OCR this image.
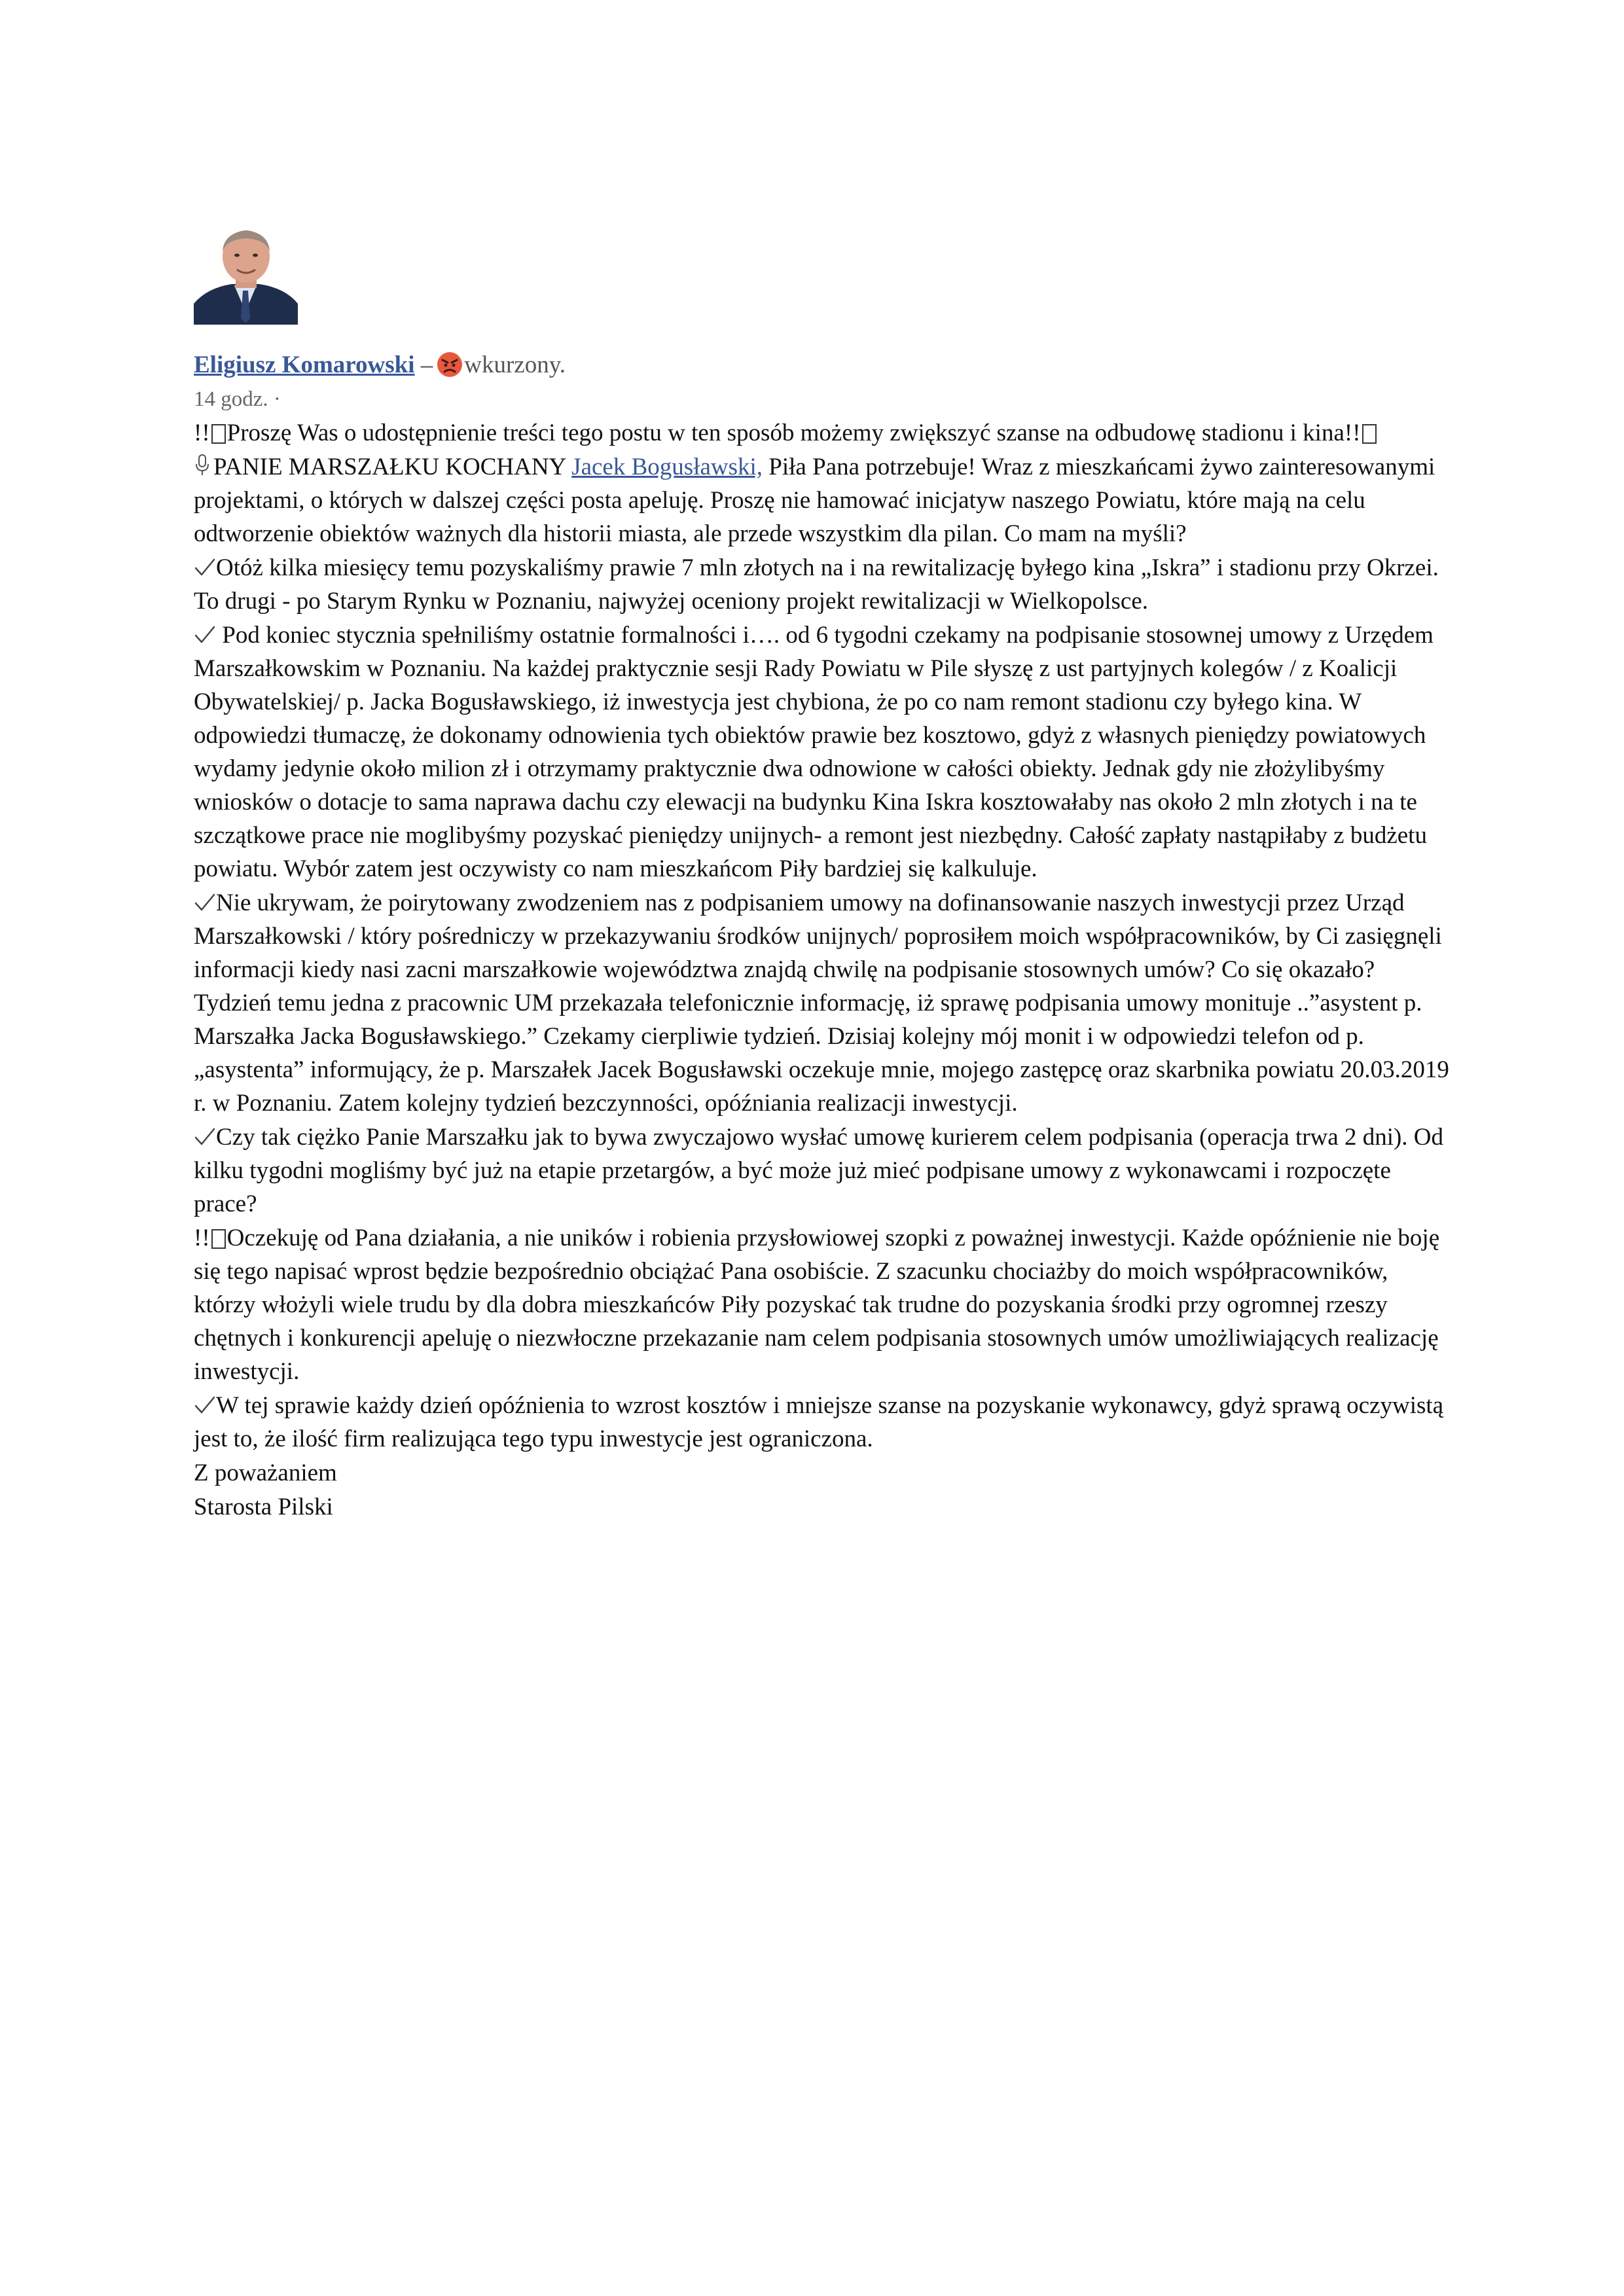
Eligiusz Komarowski – wkurzony.
14 godz. ·

!! Proszę Was o udostępnienie treści tego postu w ten sposób możemy zwiększyć szanse na odbudowę stadionu i kina!!

PANIE MARSZAŁKU KOCHANY Jacek Bogusławski, Piła Pana potrzebuje! Wraz z mieszkańcami żywo zainteresowanymi projektami, o których w dalszej części posta apeluję. Proszę nie hamować inicjatyw naszego Powiatu, które mają na celu odtworzenie obiektów ważnych dla historii miasta, ale przede wszystkim dla pilan. Co mam na myśli?

Otóż kilka miesięcy temu pozyskaliśmy prawie 7 mln złotych na i na rewitalizację byłego kina „Iskra” i stadionu przy Okrzei. To drugi - po Starym Rynku w Poznaniu, najwyżej oceniony projekt rewitalizacji w Wielkopolsce.

Pod koniec stycznia spełniliśmy ostatnie formalności i…. od 6 tygodni czekamy na podpisanie stosownej umowy z Urzędem Marszałkowskim w Poznaniu. Na każdej praktycznie sesji Rady Powiatu w Pile słyszę z ust partyjnych kolegów / z Koalicji Obywatelskiej/ p. Jacka Bogusławskiego, iż inwestycja jest chybiona, że po co nam remont stadionu czy byłego kina. W odpowiedzi tłumaczę, że dokonamy odnowienia tych obiektów prawie bez kosztowo, gdyż z własnych pieniędzy powiatowych wydamy jedynie około milion zł i otrzymamy praktycznie dwa odnowione w całości obiekty. Jednak gdy nie złożylibyśmy wniosków o dotacje to sama naprawa dachu czy elewacji na budynku Kina Iskra kosztowałaby nas około 2 mln złotych i na te szczątkowe prace nie moglibyśmy pozyskać pieniędzy unijnych- a remont jest niezbędny. Całość zapłaty nastąpiłaby z budżetu powiatu. Wybór zatem jest oczywisty co nam mieszkańcom Piły bardziej się kalkuluje.

Nie ukrywam, że poirytowany zwodzeniem nas z podpisaniem umowy na dofinansowanie naszych inwestycji przez Urząd Marszałkowski / który pośredniczy w przekazywaniu środków unijnych/ poprosiłem moich współpracowników, by Ci zasięgnęli informacji kiedy nasi zacni marszałkowie województwa znajdą chwilę na podpisanie stosownych umów? Co się okazało? Tydzień temu jedna z pracownic UM przekazała telefonicznie informację, iż sprawę podpisania umowy monituje ..”asystent p. Marszałka Jacka Bogusławskiego.” Czekamy cierpliwie tydzień. Dzisiaj kolejny mój monit i w odpowiedzi telefon od p. „asystenta” informujący, że p. Marszałek Jacek Bogusławski oczekuje mnie, mojego zastępcę oraz skarbnika powiatu 20.03.2019 r. w Poznaniu. Zatem kolejny tydzień bezczynności, opóźniania realizacji inwestycji.

Czy tak ciężko Panie Marszałku jak to bywa zwyczajowo wysłać umowę kurierem celem podpisania (operacja trwa 2 dni). Od kilku tygodni mogliśmy być już na etapie przetargów, a być może już mieć podpisane umowy z wykonawcami i rozpoczęte prace?

!! Oczekuję od Pana działania, a nie uników i robienia przysłowiowej szopki z poważnej inwestycji. Każde opóźnienie nie boję się tego napisać wprost będzie bezpośrednio obciążać Pana osobiście. Z szacunku chociażby do moich współpracowników, którzy włożyli wiele trudu by dla dobra mieszkańców Piły pozyskać tak trudne do pozyskania środki przy ogromnej rzeszy chętnych i konkurencji apeluję o niezwłoczne przekazanie nam celem podpisania stosownych umów umożliwiających realizację inwestycji.

W tej sprawie każdy dzień opóźnienia to wzrost kosztów i mniejsze szanse na pozyskanie wykonawcy, gdyż sprawą oczywistą jest to, że ilość firm realizująca tego typu inwestycje jest ograniczona.

Z poważaniem

Starosta Pilski
